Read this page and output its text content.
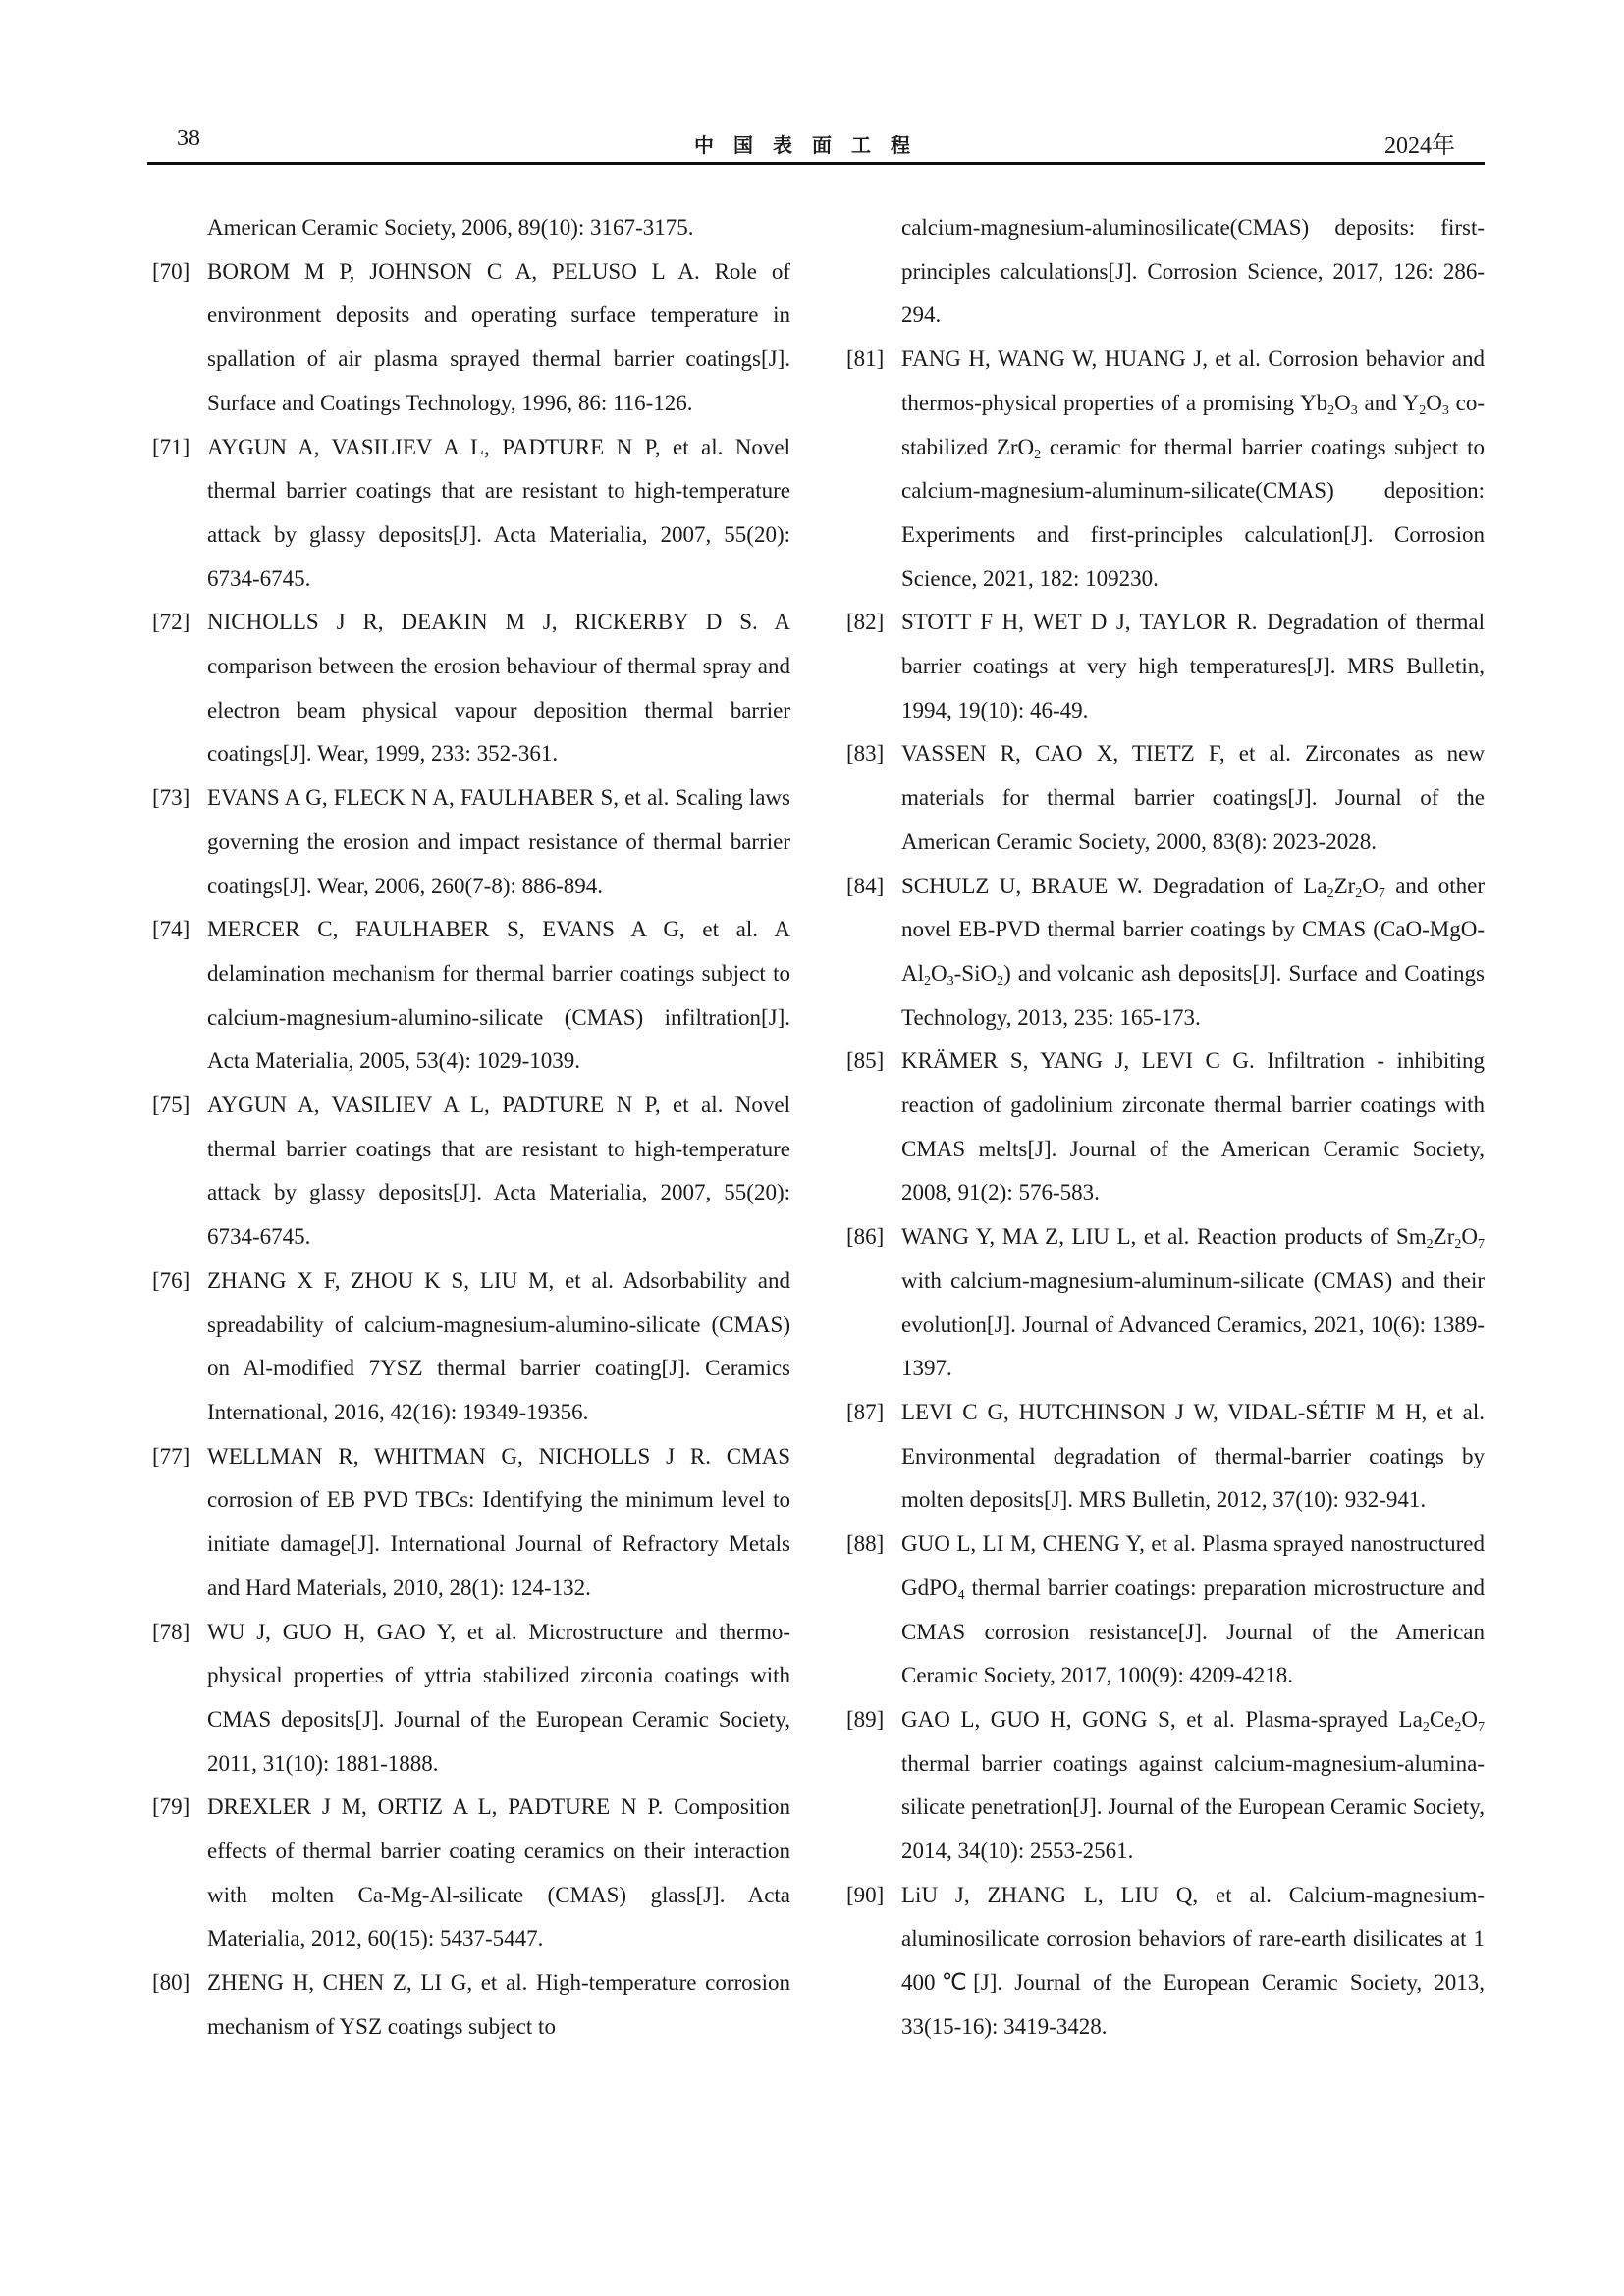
38	中国表面工程	2024年
American Ceramic Society, 2006, 89(10): 3167-3175.
[70] BOROM M P, JOHNSON C A, PELUSO L A. Role of environment deposits and operating surface temperature in spallation of air plasma sprayed thermal barrier coatings[J]. Surface and Coatings Technology, 1996, 86: 116-126.
[71] AYGUN A, VASILIEV A L, PADTURE N P, et al. Novel thermal barrier coatings that are resistant to high-temperature attack by glassy deposits[J]. Acta Materialia, 2007, 55(20): 6734-6745.
[72] NICHOLLS J R, DEAKIN M J, RICKERBY D S. A comparison between the erosion behaviour of thermal spray and electron beam physical vapour deposition thermal barrier coatings[J]. Wear, 1999, 233: 352-361.
[73] EVANS A G, FLECK N A, FAULHABER S, et al. Scaling laws governing the erosion and impact resistance of thermal barrier coatings[J]. Wear, 2006, 260(7-8): 886-894.
[74] MERCER C, FAULHABER S, EVANS A G, et al. A delamination mechanism for thermal barrier coatings subject to calcium-magnesium-alumino-silicate (CMAS) infiltration[J]. Acta Materialia, 2005, 53(4): 1029-1039.
[75] AYGUN A, VASILIEV A L, PADTURE N P, et al. Novel thermal barrier coatings that are resistant to high-temperature attack by glassy deposits[J]. Acta Materialia, 2007, 55(20): 6734-6745.
[76] ZHANG X F, ZHOU K S, LIU M, et al. Adsorbability and spreadability of calcium-magnesium-alumino-silicate (CMAS) on Al-modified 7YSZ thermal barrier coating[J]. Ceramics International, 2016, 42(16): 19349-19356.
[77] WELLMAN R, WHITMAN G, NICHOLLS J R. CMAS corrosion of EB PVD TBCs: Identifying the minimum level to initiate damage[J]. International Journal of Refractory Metals and Hard Materials, 2010, 28(1): 124-132.
[78] WU J, GUO H, GAO Y, et al. Microstructure and thermo-physical properties of yttria stabilized zirconia coatings with CMAS deposits[J]. Journal of the European Ceramic Society, 2011, 31(10): 1881-1888.
[79] DREXLER J M, ORTIZ A L, PADTURE N P. Composition effects of thermal barrier coating ceramics on their interaction with molten Ca-Mg-Al-silicate (CMAS) glass[J]. Acta Materialia, 2012, 60(15): 5437-5447.
[80] ZHENG H, CHEN Z, LI G, et al. High-temperature corrosion mechanism of YSZ coatings subject to
calcium-magnesium-aluminosilicate(CMAS) deposits: first-principles calculations[J]. Corrosion Science, 2017, 126: 286-294.
[81] FANG H, WANG W, HUANG J, et al. Corrosion behavior and thermos-physical properties of a promising $Yb_2O_3$ and $Y_2O_3$ co-stabilized ZrO$_2$ ceramic for thermal barrier coatings subject to calcium-magnesium-aluminum-silicate(CMAS) deposition: Experiments and first-principles calculation[J]. Corrosion Science, 2021, 182: 109230.
[82] STOTT F H, WET D J, TAYLOR R. Degradation of thermal barrier coatings at very high temperatures[J]. MRS Bulletin, 1994, 19(10): 46-49.
[83] VASSEN R, CAO X, TIETZ F, et al. Zirconates as new materials for thermal barrier coatings[J]. Journal of the American Ceramic Society, 2000, 83(8): 2023-2028.
[84] SCHULZ U, BRAUE W. Degradation of $La_2Zr_2O_7$ and other novel EB-PVD thermal barrier coatings by CMAS $(CaO-MgO-Al_2O_3-SiO_2)$ and volcanic ash deposits[J]. Surface and Coatings Technology, 2013, 235: 165-173.
[85] KRÄMER S, YANG J, LEVI C G. Infiltration - inhibiting reaction of gadolinium zirconate thermal barrier coatings with CMAS melts[J]. Journal of the American Ceramic Society, 2008, 91(2): 576-583.
[86] WANG Y, MA Z, LIU L, et al. Reaction products of $Sm_2Zr_2O_7$ with calcium-magnesium-aluminum-silicate (CMAS) and their evolution[J]. Journal of Advanced Ceramics, 2021, 10(6): 1389-1397.
[87] LEVI C G, HUTCHINSON J W, VIDAL-SÉTIF M H, et al. Environmental degradation of thermal-barrier coatings by molten deposits[J]. MRS Bulletin, 2012, 37(10): 932-941.
[88] GUO L, LI M, CHENG Y, et al. Plasma sprayed nanostructured GdPO$_4$ thermal barrier coatings: preparation microstructure and CMAS corrosion resistance[J]. Journal of the American Ceramic Society, 2017, 100(9): 4209-4218.
[89] GAO L, GUO H, GONG S, et al. Plasma-sprayed $La_2Ce_2O_7$ thermal barrier coatings against calcium-magnesium-alumina-silicate penetration[J]. Journal of the European Ceramic Society, 2014, 34(10): 2553-2561.
[90] LiU J, ZHANG L, LIU Q, et al. Calcium-magnesium-aluminosilicate corrosion behaviors of rare-earth disilicates at 1 400℃[J]. Journal of the European Ceramic Society, 2013, 33(15-16): 3419-3428.
